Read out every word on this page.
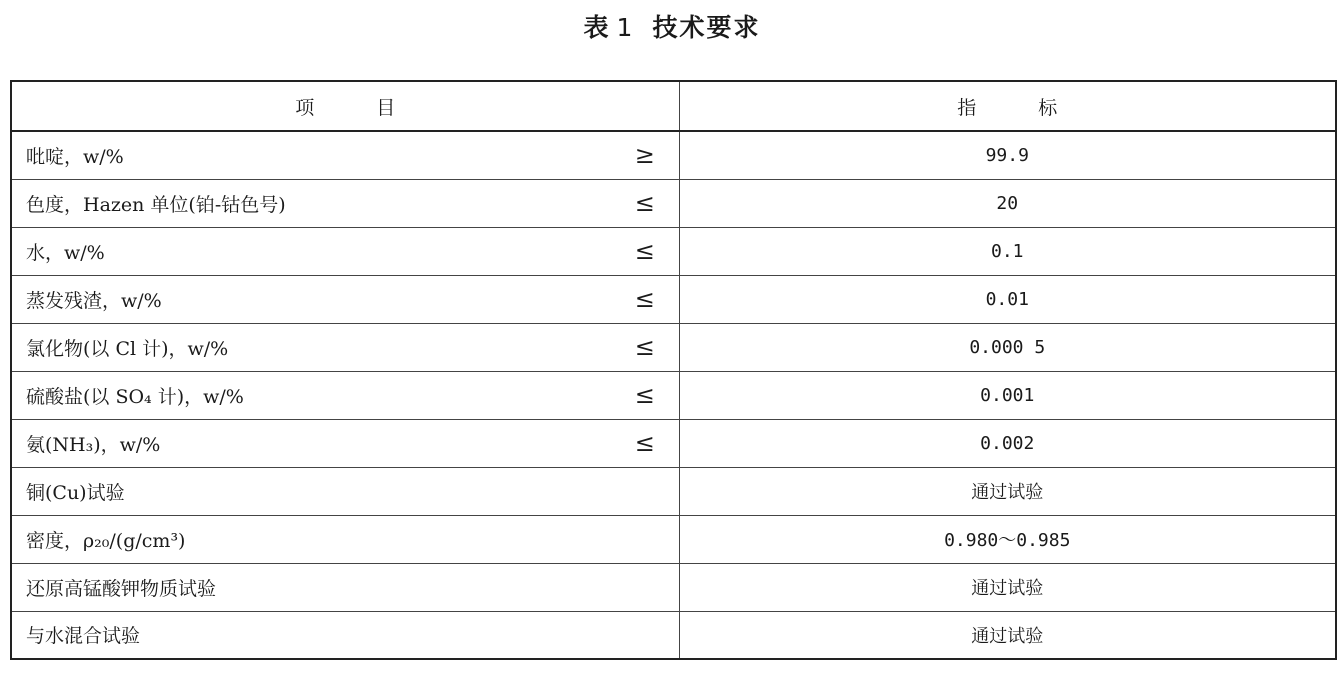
表 1 技术要求
项 目		指 标
吡啶，w/%	≥	99.9
色度，Hazen 单位(铂-钴色号)	≤	20
水，w/%	≤	0.1
蒸发残渣，w/%	≤	0.01
氯化物(以 Cl 计)，w/%	≤	0.000 5
硫酸盐(以 SO₄ 计)，w/%	≤	0.001
氨(NH₃)，w/%	≤	0.002
铜(Cu)试验		通过试验
密度，ρ₂₀/(g/cm³)		0.980～0.985
还原高锰酸钾物质试验		通过试验
与水混合试验		通过试验
